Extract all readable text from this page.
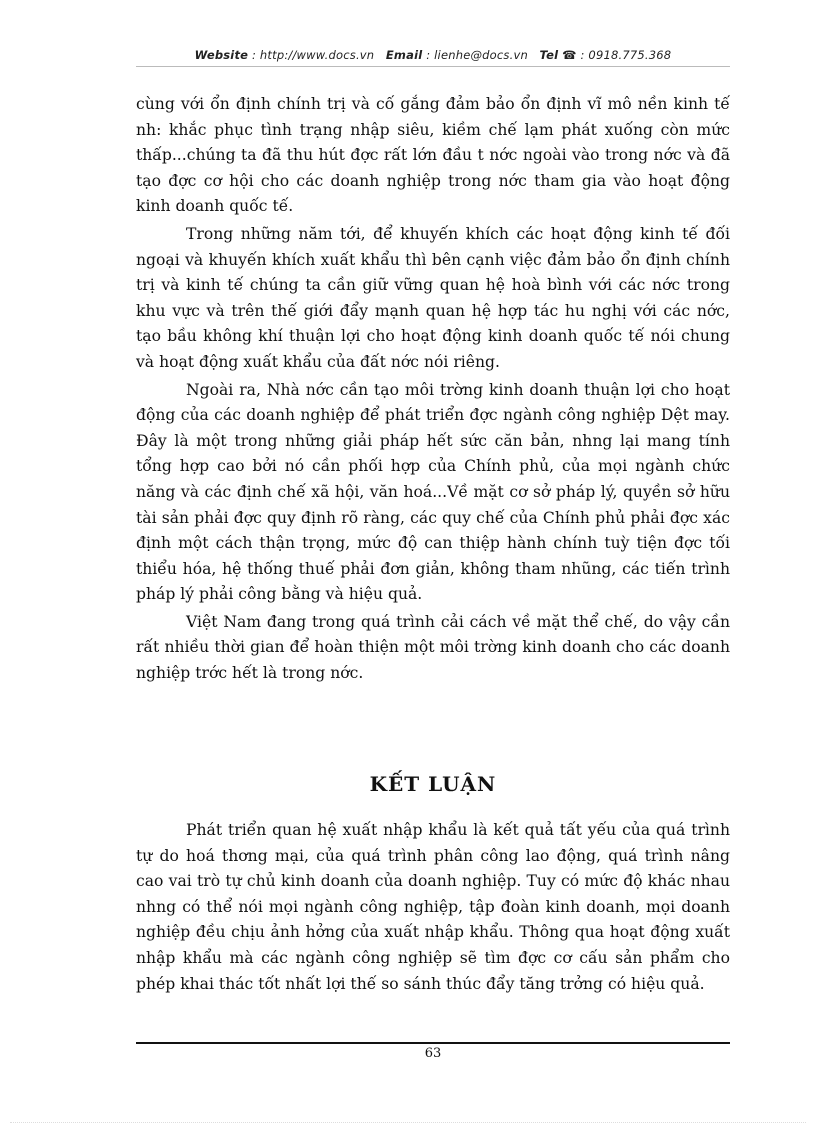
Website : http://www.docs.vn Email : lienhe@docs.vn Tel ☎ : 0918.775.368

cùng với ổn định chính trị và cố gắng đảm bảo ổn định vĩ mô nền kinh tế nh: khắc phục tình trạng nhập siêu, kiềm chế lạm phát xuống còn mức thấp...chúng ta đã thu hút đợc rất lớn đầu t nớc ngoài vào trong nớc và đã tạo đợc cơ hội cho các doanh nghiệp trong nớc tham gia vào hoạt động kinh doanh quốc tế.

Trong những năm tới, để khuyến khích các hoạt động kinh tế đối ngoại và khuyến khích xuất khẩu thì bên cạnh việc đảm bảo ổn định chính trị và kinh tế chúng ta cần giữ vững quan hệ hoà bình với các nớc trong khu vực và trên thế giới đẩy mạnh quan hệ hợp tác hu nghị với các nớc, tạo bầu không khí thuận lợi cho hoạt động kinh doanh quốc tế nói chung và hoạt động xuất khẩu của đất nớc nói riêng.

Ngoài ra, Nhà nớc cần tạo môi trờng kinh doanh thuận lợi cho hoạt động của các doanh nghiệp để phát triển đợc ngành công nghiệp Dệt may. Đây là một trong những giải pháp hết sức căn bản, nhng lại mang tính tổng hợp cao bởi nó cần phối hợp của Chính phủ, của mọi ngành chức năng và các định chế xã hội, văn hoá...Về mặt cơ sở pháp lý, quyền sở hữu tài sản phải đợc quy định rõ ràng, các quy chế của Chính phủ phải đợc xác định một cách thận trọng, mức độ can thiệp hành chính tuỳ tiện đợc tối thiểu hóa, hệ thống thuế phải đơn giản, không tham nhũng, các tiến trình pháp lý phải công bằng và hiệu quả.

Việt Nam đang trong quá trình cải cách về mặt thể chế, do vậy cần rất nhiều thời gian để hoàn thiện một môi trờng kinh doanh cho các doanh nghiệp trớc hết là trong nớc.

KẾT LUẬN

Phát triển quan hệ xuất nhập khẩu là kết quả tất yếu của quá trình tự do hoá thơng mại, của quá trình phân công lao động, quá trình nâng cao vai trò tự chủ kinh doanh của doanh nghiệp. Tuy có mức độ khác nhau nhng có thể nói mọi ngành công nghiệp, tập đoàn kinh doanh, mọi doanh nghiệp đều chịu ảnh hởng của xuất nhập khẩu. Thông qua hoạt động xuất nhập khẩu mà các ngành công nghiệp sẽ tìm đợc cơ cấu sản phẩm cho phép khai thác tốt nhất lợi thế so sánh thúc đẩy tăng trởng có hiệu quả.

63
